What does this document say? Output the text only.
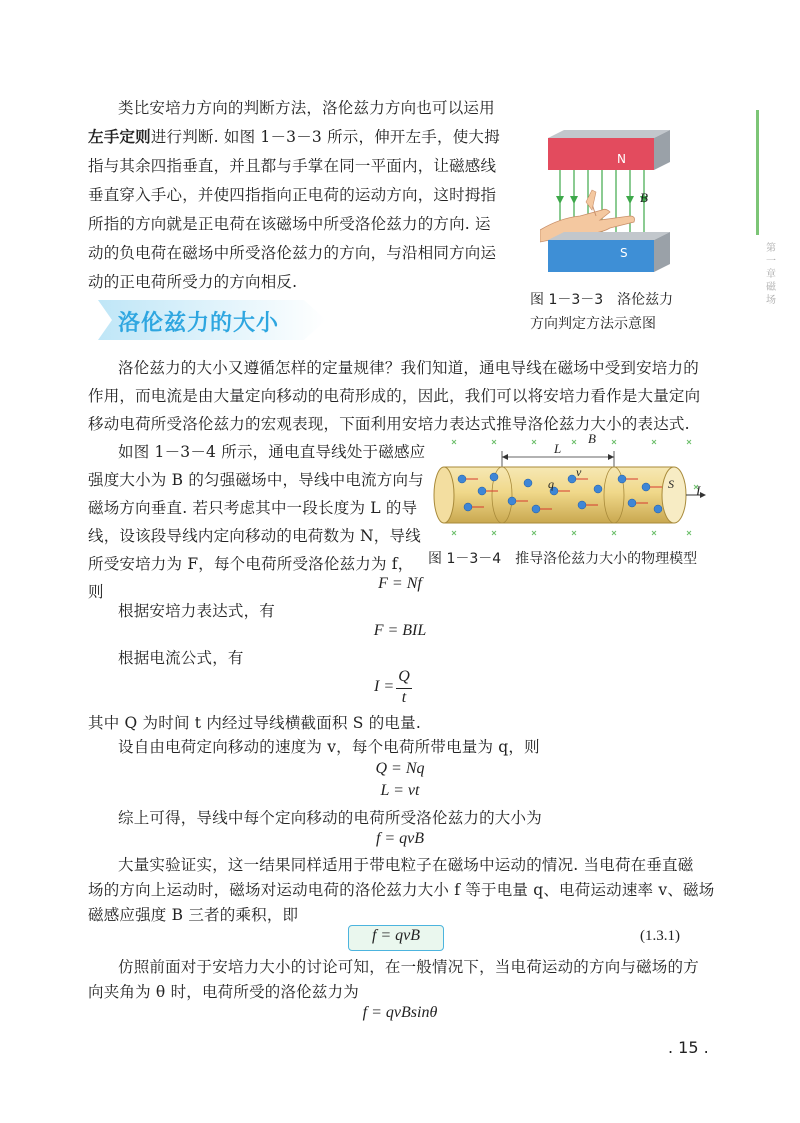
第一章 磁场
类比安培力方向的判断方法，洛伦兹力方向也可以运用
左手定则进行判断. 如图 1－3－3 所示，伸开左手，使大拇
指与其余四指垂直，并且都与手掌在同一平面内，让磁感线
垂直穿入手心，并使四指指向正电荷的运动方向，这时拇指
所指的方向就是正电荷在该磁场中所受洛伦兹力的方向. 运
动的负电荷在磁场中所受洛伦兹力的方向，与沿相同方向运
动的正电荷所受力的方向相反.
N
B
S
图 1－3－3　洛伦兹力
方向判定方法示意图
洛伦兹力的大小
洛伦兹力的大小又遵循怎样的定量规律？我们知道，通电导线在磁场中受到安培力的
作用，而电流是由大量定向移动的电荷形成的，因此，我们可以将安培力看作是大量定向
移动电荷所受洛伦兹力的宏观表现，下面利用安培力表达式推导洛伦兹力大小的表达式.
如图 1－3－4 所示，通电直导线处于磁感应
强度大小为 B 的匀强磁场中，导线中电流方向与
磁场方向垂直. 若只考虑其中一段长度为 L 的导
线，设该段导线内定向移动的电荷数为 N，导线
所受安培力为 F，每个电荷所受洛伦兹力为 f，
则
L
B
q
v
S I
图 1－3－4　推导洛伦兹力大小的物理模型
F = Nf
根据安培力表达式，有
F = BIL
根据电流公式，有
I =
Q
t
其中 Q 为时间 t 内经过导线横截面积 S 的电量.
设自由电荷定向移动的速度为 v，每个电荷所带电量为 q，则
Q = Nq
L = vt
综上可得，导线中每个定向移动的电荷所受洛伦兹力的大小为
f = qvB
大量实验证实，这一结果同样适用于带电粒子在磁场中运动的情况. 当电荷在垂直磁
场的方向上运动时，磁场对运动电荷的洛伦兹力大小 f 等于电量 q、电荷运动速率 v、磁场
磁感应强度 B 三者的乘积，即
f = qvB	(1.3.1)
仿照前面对于安培力大小的讨论可知，在一般情况下，当电荷运动的方向与磁场的方
向夹角为 θ 时，电荷所受的洛伦兹力为
f = qvBsinθ
. 15 .
